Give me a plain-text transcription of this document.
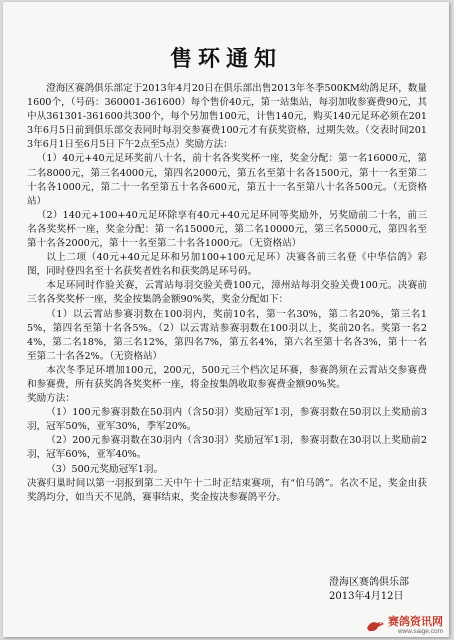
售环通知

澄海区赛鸽俱乐部定于2013年4月20日在俱乐部出售2013年冬季500KM幼鸽足环，数量1600个，（号码：360001-361600）每个售价40元，第一站集站，每羽加收参赛费90元，其中从361301-361600共300个，每个另加售100元，计售140元，购买140元足环必须在2013年6月5日前到俱乐部交表同时每羽交参赛费100元才有获奖资格，过期失效。（交表时间2013年6月1日至6月5日下午2点至5点）奖励方法：

（1）40元+40元足环奖前八十名，前十名各奖奖杯一座，奖金分配：第一名16000元，第二名8000元，第三名4000元，第四名2000元，第五名至第十名各1500元，第十一名至第二十名各1000元，第二十一名至第五十名各600元，第五十一名至第八十名各500元。（无资格站）

（2）140元+100+40元足环除享有40元+40元足环同等奖励外，另奖励前二十名，前三名各奖奖杯一座，奖金分配：第一名15000元，第二名10000元，第三名5000元，第四名至第十名各2000元，第十一名至第二十名各1000元。（无资格站）

以上二项（40元+40元足环和另加100+100元足环）决赛各前三名登《中华信鸽》彩图，同时登四名至十名获奖者姓名和获奖鸽足环号码。

本足环同时作验关赛，云霄站每羽交验关费100元，漳州站每羽交验关费100元。决赛前三名各奖奖杯一座，奖金按集鸽金额90%奖，奖金分配如下：

（1）以云霄站参赛羽数在100羽内，奖前10名，第一名30%，第二名20%，第三名15%，第四名至第十名各5%。（2）以云霄站参赛羽数在100羽以上，奖前20名。奖第一名24%，第二名18%，第三名12%，第四名7%，第五名4%，第六名至第十名各3%，第十一名至第二十名各2%。（无资格站）

本次冬季足环增加100元，200元，500元三个档次足环赛，参赛鸽须在云霄站交参赛费和参赛费，所有获奖鸽各奖奖杯一座，将金按集鸽收取参赛费金额90%奖。

奖励方法：

（1）100元参赛羽数在50羽内（含50羽）奖励冠军1羽，参赛羽数在50羽以上奖励前3羽，冠军50%，亚军30%，季军20%。

（2）200元参赛羽数在30羽内（含30羽）奖励冠军1羽，参赛羽数在30羽以上奖励前2羽，冠军60%，亚军40%。

（3）500元奖励冠军1羽。

决赛归巢时间以第一羽报到第二天中午十二时正结束赛项，有“伯马鸽”。名次不足，奖金由获奖鸽均分，如当天不见鸽，赛事结束，奖金按决参赛鸽平分。

澄海区赛鸽俱乐部
2013年4月12日
赛鸽资讯网
www.saige.com
